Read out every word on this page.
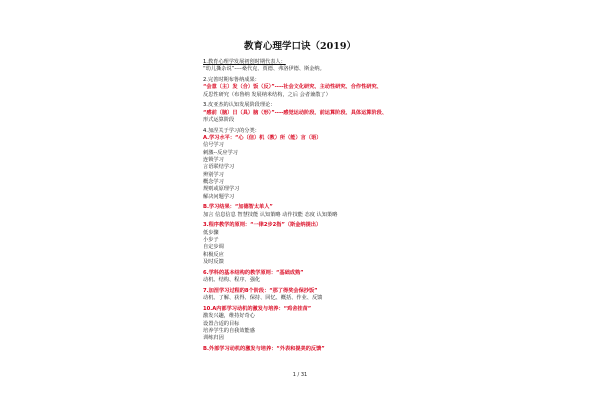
教育心理学口诀（2019）
1.教育心理学发展初创时期代表人：
“幼儿撕杂说”----桑代克、贾德、弗洛伊德、斯金纳。
2.完善时期布鲁纳成果：
“会意（主）发（合）饭（反）”----社会文化研究、主动性研究、合作性研究、
反思性研究（布鲁纳 发展纳米结构，之后 会者兼散了）
3.皮亚杰的认知发展阶段理论：
“感前（脑）日（具）脑（形）”----感觉运动阶段、前运算阶段、具体运算阶段、
形式运算阶段
4.加涅关于学习的分类：
A.学习水平：“心（信）机（教）所（能）言（语）
信号学习
刺激--反应学习
连锁学习
言语联结学习
辨别学习
概念学习
规则或原理学习
解决问题学习
B.学习结果：“加德智太单人”
加言 信息信息 智慧技能 认知策略 动作技能 态度 认知策略
3.程序教学的原则：“一律2步2指”（斯金纳提出）
低步骤
小步子
自定步调
积极反应
及时反馈
6.学科的基本结构的教学原则：“基础成熟”
动机、结构、程序、强化
7.加涅学习过程的8个阶段：“那了得奖会保抄饭”
动机、了解、获得、保持、回忆、概括、作业、反馈
10.A内部学习动机的激发与培养：“鸡舍挂苗”
激发兴趣，维持好奇心
设置合适的目标
培养学生的自我效能感
训练归因
B.外部学习动机的激发与培养：“外表和提美的反馈”
1 / 31
